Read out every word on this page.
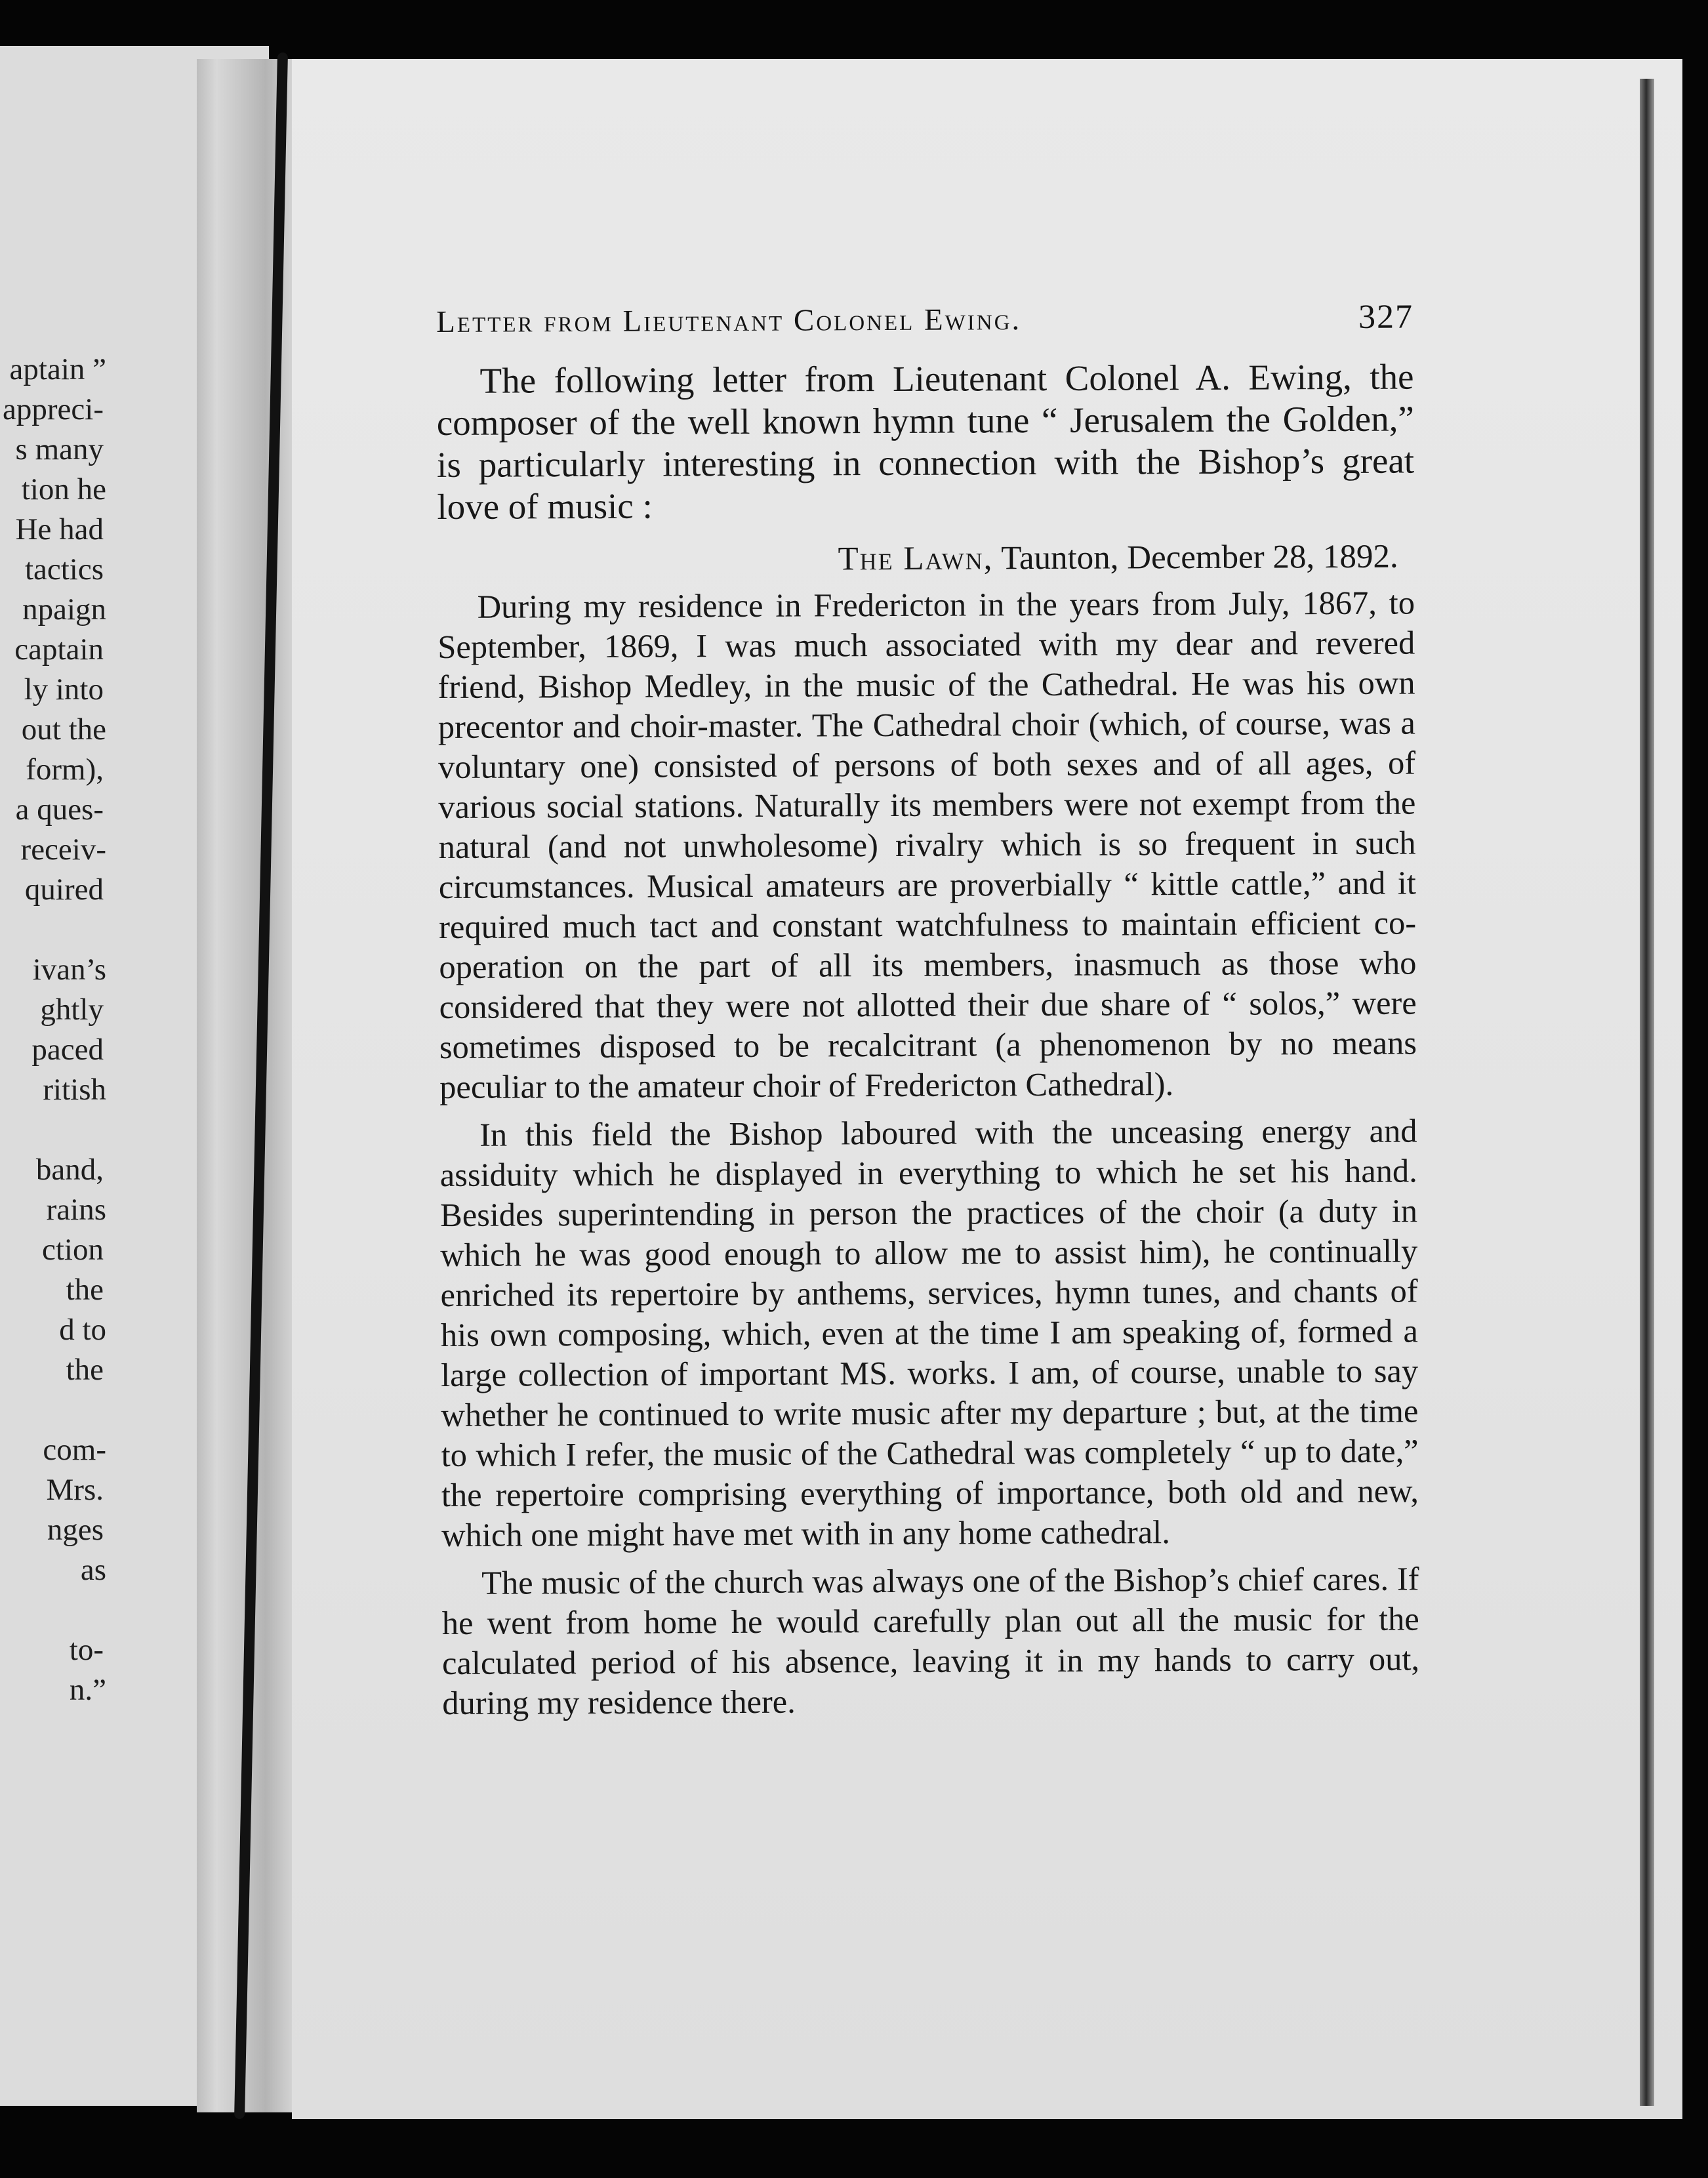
aptain ”
appreci-
s many
tion he
He had
tactics
npaign
captain
ly into
out the
form),
a ques-
receiv-
quired
ivan’s
ghtly
paced
ritish
band,
rains
ction
the
d to
the
com-
Mrs.
nges
as
to-
n.”
Letter from Lieutenant Colonel Ewing.	327

The following letter from Lieutenant Colonel A. Ewing, the composer of the well known hymn tune “ Jerusalem the Golden,” is particularly interesting in connection with the Bishop’s great love of music :

The Lawn, Taunton, December 28, 1892.

During my residence in Fredericton in the years from July, 1867, to September, 1869, I was much associated with my dear and revered friend, Bishop Medley, in the music of the Cathedral. He was his own precentor and choir-master. The Cathedral choir (which, of course, was a voluntary one) consisted of persons of both sexes and of all ages, of various social stations. Naturally its members were not exempt from the natural (and not unwholesome) rivalry which is so frequent in such circumstances. Musical amateurs are proverbially “ kittle cattle,” and it required much tact and constant watchfulness to maintain efficient co-operation on the part of all its members, inasmuch as those who considered that they were not allotted their due share of “ solos,” were sometimes disposed to be recalcitrant (a phenomenon by no means peculiar to the amateur choir of Fredericton Cathedral).

In this field the Bishop laboured with the unceasing energy and assiduity which he displayed in everything to which he set his hand. Besides superintending in person the practices of the choir (a duty in which he was good enough to allow me to assist him), he continually enriched its repertoire by anthems, services, hymn tunes, and chants of his own composing, which, even at the time I am speaking of, formed a large collection of important MS. works. I am, of course, unable to say whether he continued to write music after my departure ; but, at the time to which I refer, the music of the Cathedral was completely “ up to date,” the repertoire comprising everything of importance, both old and new, which one might have met with in any home cathedral.

The music of the church was always one of the Bishop’s chief cares. If he went from home he would carefully plan out all the music for the calculated period of his absence, leaving it in my hands to carry out, during my residence there.
